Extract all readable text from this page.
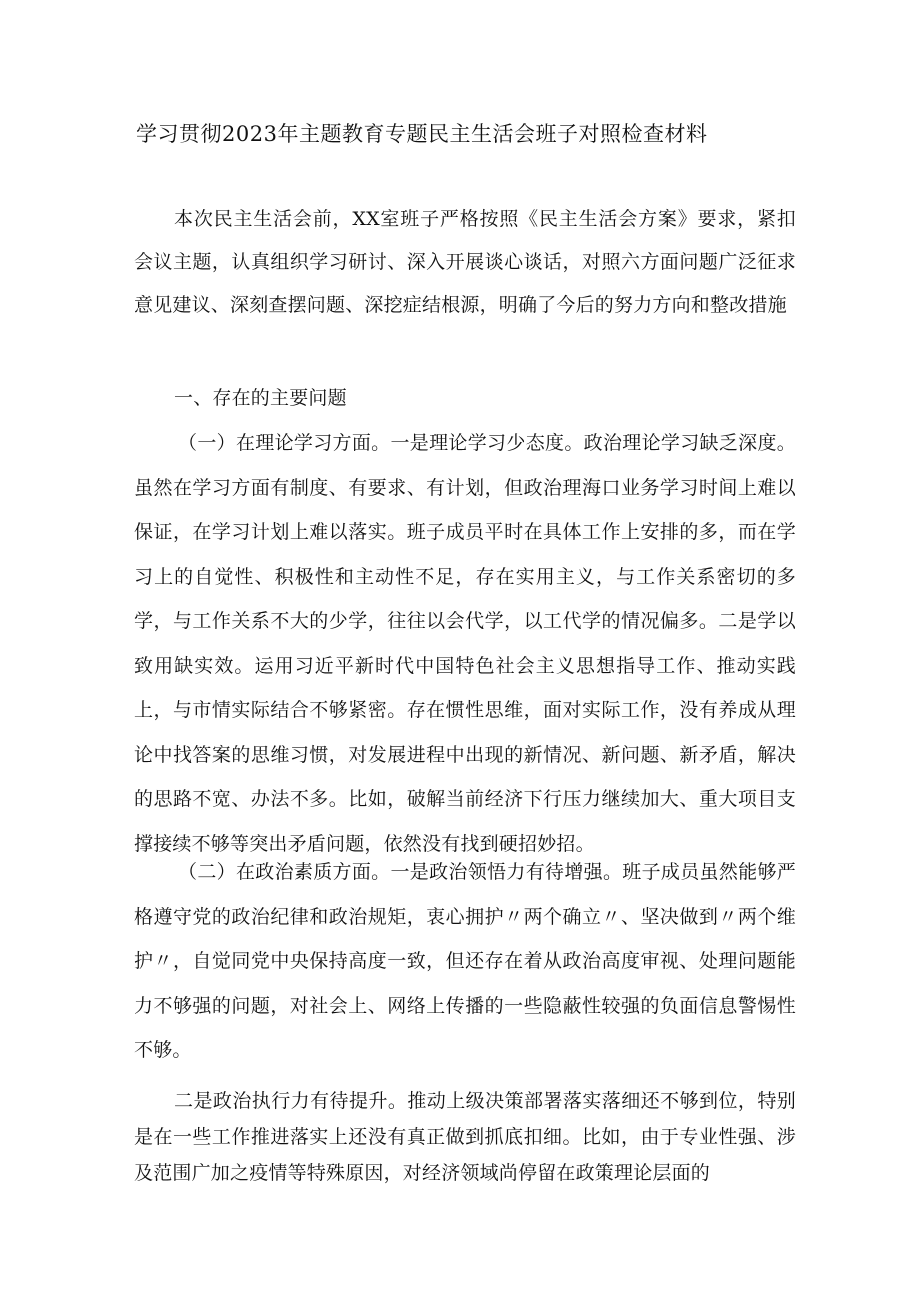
学习贯彻2023年主题教育专题民主生活会班子对照检查材料

本次民主生活会前，XX室班子严格按照《民主生活会方案》要求，紧扣会议主题，认真组织学习研讨、深入开展谈心谈话，对照六方面问题广泛征求意见建议、深刻查摆问题、深挖症结根源，明确了今后的努力方向和整改措施

一、存在的主要问题

（一）在理论学习方面。一是理论学习少态度。政治理论学习缺乏深度。虽然在学习方面有制度、有要求、有计划，但政治理海口业务学习时间上难以保证，在学习计划上难以落实。班子成员平时在具体工作上安排的多，而在学习上的自觉性、积极性和主动性不足，存在实用主义，与工作关系密切的多学，与工作关系不大的少学，往往以会代学，以工代学的情况偏多。二是学以致用缺实效。运用习近平新时代中国特色社会主义思想指导工作、推动实践上，与市情实际结合不够紧密。存在惯性思维，面对实际工作，没有养成从理论中找答案的思维习惯，对发展进程中出现的新情况、新问题、新矛盾，解决的思路不宽、办法不多。比如，破解当前经济下行压力继续加大、重大项目支撑接续不够等突出矛盾问题，依然没有找到硬招妙招。

（二）在政治素质方面。一是政治领悟力有待增强。班子成员虽然能够严格遵守党的政治纪律和政治规矩，衷心拥护〃两个确立〃、坚决做到〃两个维护〃，自觉同党中央保持高度一致，但还存在着从政治高度审视、处理问题能力不够强的问题，对社会上、网络上传播的一些隐蔽性较强的负面信息警惕性不够。

二是政治执行力有待提升。推动上级决策部署落实落细还不够到位，特别是在一些工作推进落实上还没有真正做到抓底扣细。比如，由于专业性强、涉及范围广加之疫情等特殊原因，对经济领域尚停留在政策理论层面的
